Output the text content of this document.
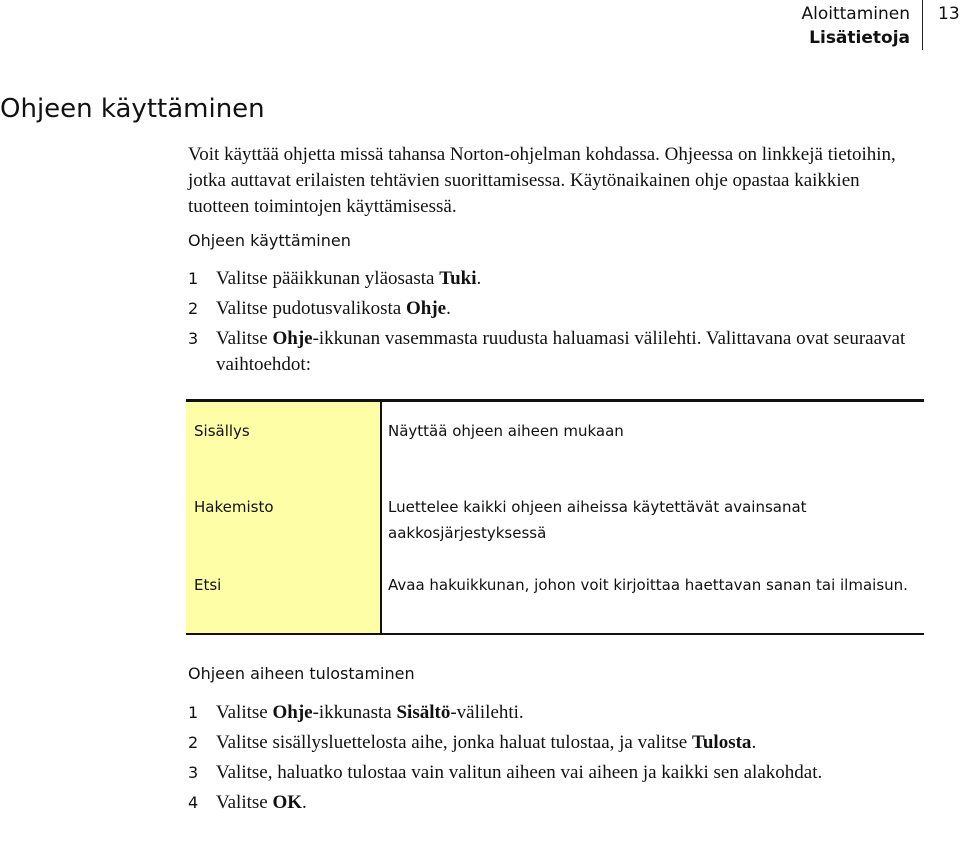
Aloittaminen
Lisätietoja
13
Ohjeen käyttäminen

Voit käyttää ohjetta missä tahansa Norton-ohjelman kohdassa. Ohjeessa on linkkejä tietoihin, jotka auttavat erilaisten tehtävien suorittamisessa. Käytönaikainen ohje opastaa kaikkien tuotteen toimintojen käyttämisessä.

Ohjeen käyttäminen
1 Valitse pääikkunan yläosasta Tuki.
2 Valitse pudotusvalikosta Ohje.
3 Valitse Ohje-ikkunan vasemmasta ruudusta haluamasi välilehti. Valittavana ovat seuraavat vaihtoehdot:
Sisällys	Näyttää ohjeen aiheen mukaan
Hakemisto	Luettelee kaikki ohjeen aiheissa käytettävät avainsanat aakkosjärjestyksessä
Etsi	Avaa hakuikkunan, johon voit kirjoittaa haettavan sanan tai ilmaisun.
Ohjeen aiheen tulostaminen
1 Valitse Ohje-ikkunasta Sisältö-välilehti.
2 Valitse sisällysluettelosta aihe, jonka haluat tulostaa, ja valitse Tulosta.
3 Valitse, haluatko tulostaa vain valitun aiheen vai aiheen ja kaikki sen alakohdat.
4 Valitse OK.
